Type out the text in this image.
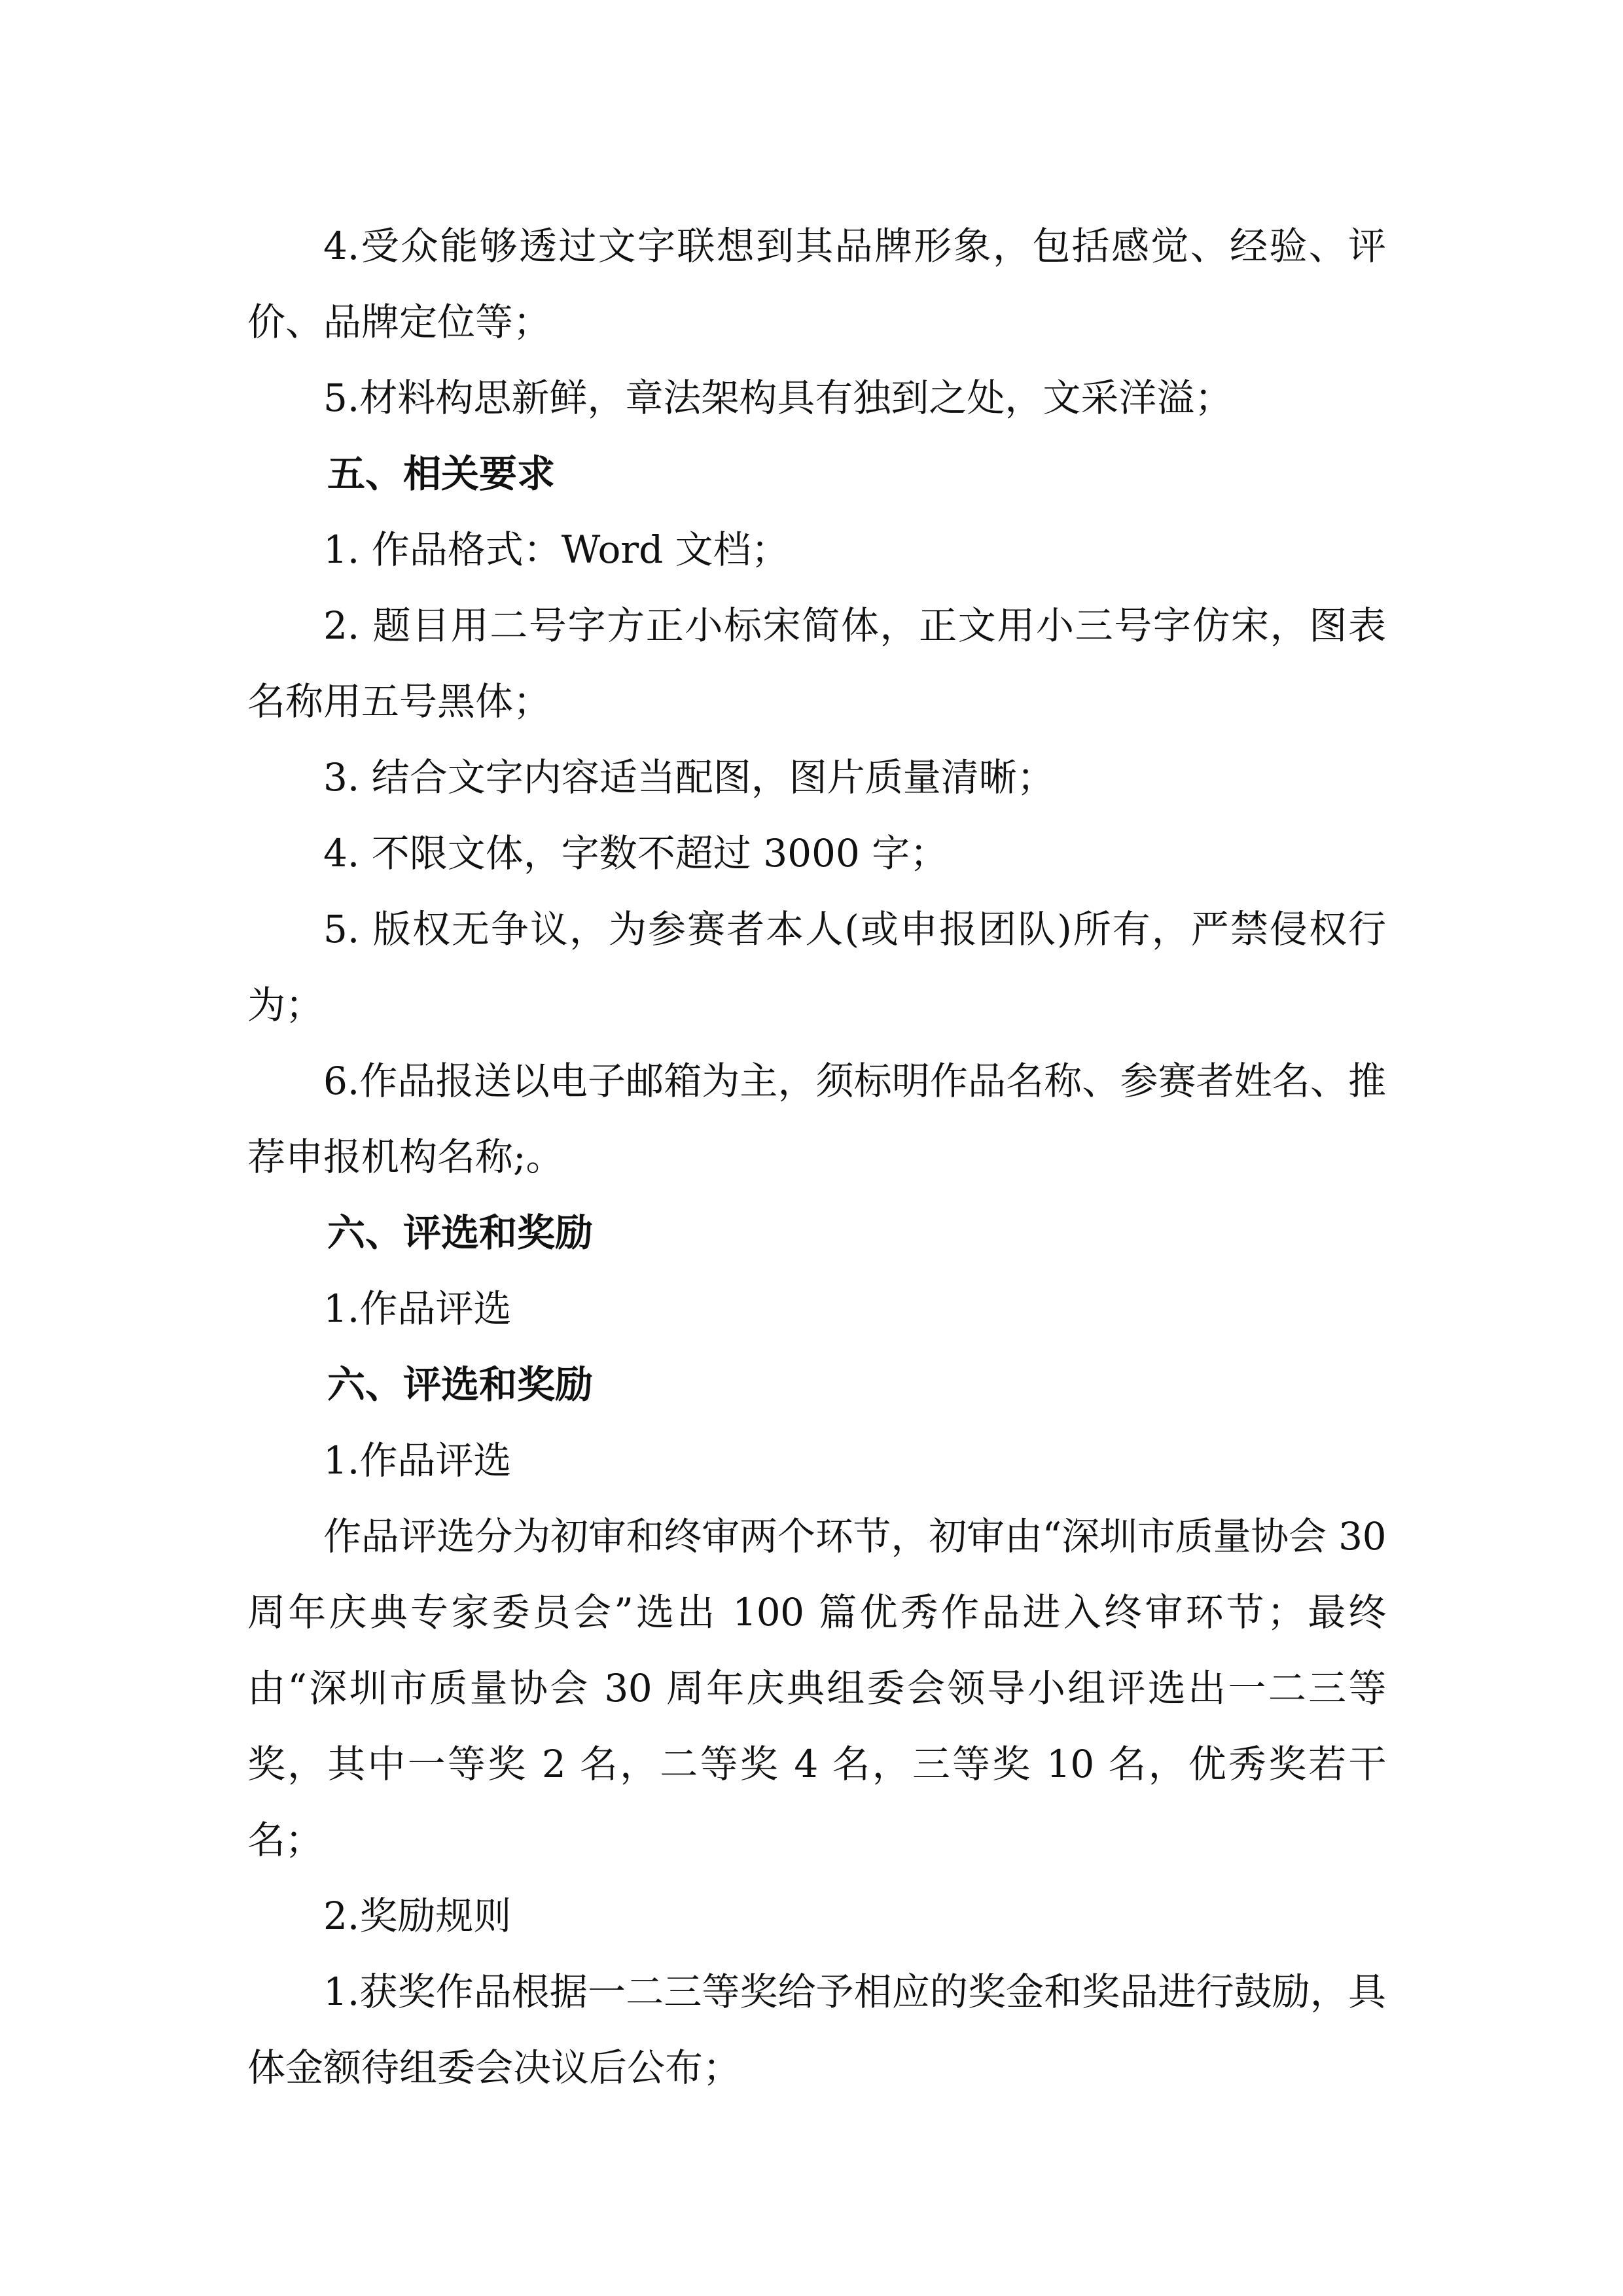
4.受众能够透过文字联想到其品牌形象，包括感觉、经验、评价、品牌定位等；

5.材料构思新鲜，章法架构具有独到之处，文采洋溢；

五、相关要求

1. 作品格式：Word 文档；

2. 题目用二号字方正小标宋简体，正文用小三号字仿宋，图表名称用五号黑体；

3. 结合文字内容适当配图，图片质量清晰；

4. 不限文体，字数不超过 3000 字；

5. 版权无争议，为参赛者本人(或申报团队)所有，严禁侵权行为；

6.作品报送以电子邮箱为主，须标明作品名称、参赛者姓名、推荐申报机构名称;。

六、评选和奖励

1.作品评选

六、评选和奖励

1.作品评选

作品评选分为初审和终审两个环节，初审由“深圳市质量协会 30 周年庆典专家委员会”选出 100 篇优秀作品进入终审环节；最终由“深圳市质量协会 30 周年庆典组委会领导小组评选出一二三等奖，其中一等奖 2 名，二等奖 4 名，三等奖 10 名，优秀奖若干名；

2.奖励规则

1.获奖作品根据一二三等奖给予相应的奖金和奖品进行鼓励，具体金额待组委会决议后公布；
